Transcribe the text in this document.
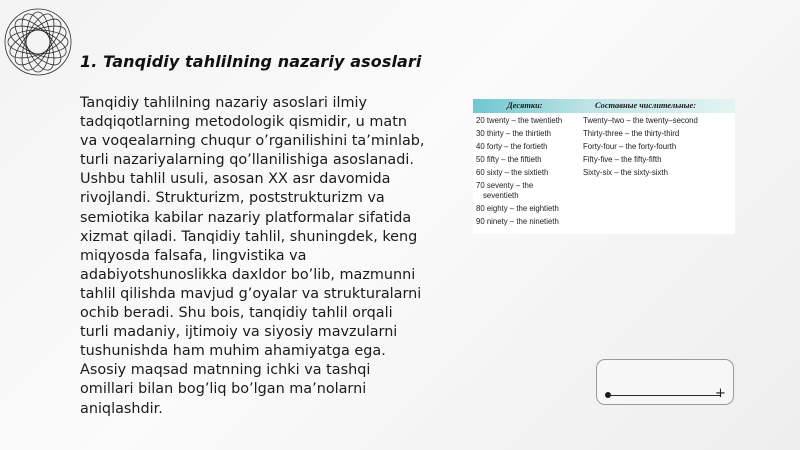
1. Tanqidiy tahlilning nazariy asoslari
Tanqidiy tahlilning nazariy asoslari ilmiy tadqiqotlarning metodologik qismidir, u matn va voqealarning chuqur o’rganilishini ta’minlab, turli nazariyalarning qo’llanilishiga asoslanadi. Ushbu tahlil usuli, asosan XX asr davomida rivojlandi. Strukturizm, poststrukturizm va semiotika kabilar nazariy platformalar sifatida xizmat qiladi. Tanqidiy tahlil, shuningdek, keng miqyosda falsafa, lingvistika va adabiyotshunoslikka daxldor bo’lib, mazmunni tahlil qilishda mavjud g’oyalar va strukturalarni ochib beradi. Shu bois, tanqidiy tahlil orqali turli madaniy, ijtimoiy va siyosiy mavzularni tushunishda ham muhim ahamiyatga ega. Asosiy maqsad matnning ichki va tashqi omillari bilan bog’liq bo’lgan ma’nolarni aniqlashdir.
Десятки:	Составные числительные:
20 twenty – the twentieth
30 thirty – the thirtieth
40 forty – the fortieth
50 fifty – the fiftieth
60 sixty – the sixtieth
70 seventy – the
seventieth
80 eighty – the eightieth
90 ninety – the ninetieth
Twenty–two – the twenty–second
Thirty-three – the thirty-third
Forty-four – the forty-fourth
Fifty-five – the fifty-fifth
Sixty-six – the sixty-sixth
+
